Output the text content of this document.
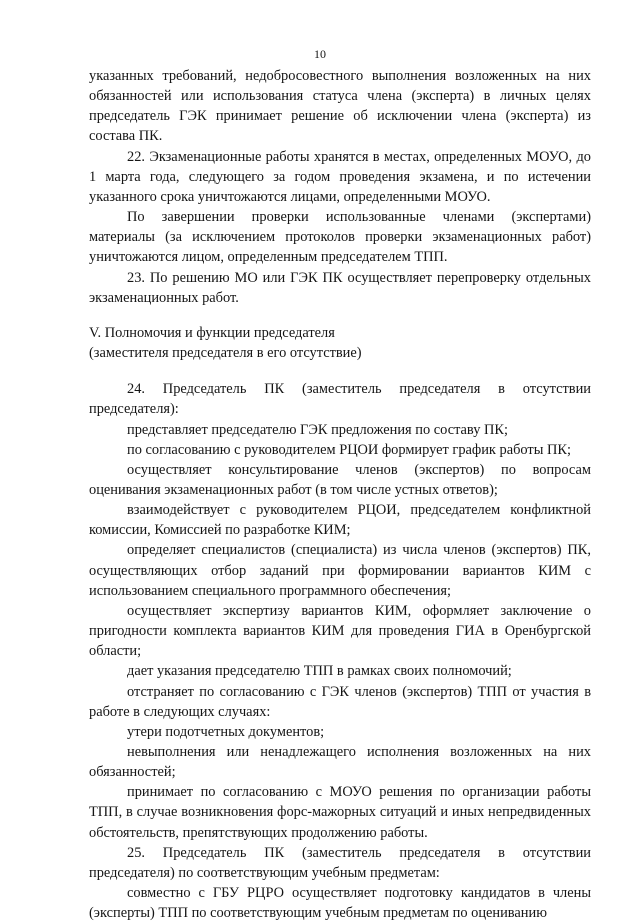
10

указанных требований, недобросовестного выполнения возложенных на них обязанностей или использования статуса члена (эксперта) в личных целях председатель ГЭК принимает решение об исключении члена (эксперта) из состава ПК.

22. Экзаменационные работы хранятся в местах, определенных МОУО, до 1 марта года, следующего за годом проведения экзамена, и по истечении указанного срока уничтожаются лицами, определенными МОУО.

По завершении проверки использованные членами (экспертами) материалы (за исключением протоколов проверки экзаменационных работ) уничтожаются лицом, определенным председателем ТПП.

23. По решению МО или ГЭК ПК осуществляет перепроверку отдельных экзаменационных работ.

V. Полномочия и функции председателя

(заместителя председателя в его отсутствие)

24. Председатель ПК (заместитель председателя в отсутствии председателя):

представляет председателю ГЭК предложения по составу ПК;

по согласованию с руководителем РЦОИ формирует график работы ПК;

осуществляет консультирование членов (экспертов) по вопросам оценивания экзаменационных работ (в том числе устных ответов);

взаимодействует с руководителем РЦОИ, председателем конфликтной комиссии, Комиссией по разработке КИМ;

определяет специалистов (специалиста) из числа членов (экспертов) ПК, осуществляющих отбор заданий при формировании вариантов КИМ с использованием специального программного обеспечения;

осуществляет экспертизу вариантов КИМ, оформляет заключение о пригодности комплекта вариантов КИМ для проведения ГИА в Оренбургской области;

дает указания председателю ТПП в рамках своих полномочий;

отстраняет по согласованию с ГЭК членов (экспертов) ТПП от участия в работе в следующих случаях:

утери подотчетных документов;

невыполнения или ненадлежащего исполнения возложенных на них обязанностей;

принимает по согласованию с МОУО решения по организации работы ТПП, в случае возникновения форс-мажорных ситуаций и иных непредвиденных обстоятельств, препятствующих продолжению работы.

25. Председатель ПК (заместитель председателя в отсутствии председателя) по соответствующим учебным предметам:

совместно с ГБУ РЦРО осуществляет подготовку кандидатов в члены (эксперты) ТПП по соответствующим учебным предметам по оцениванию
